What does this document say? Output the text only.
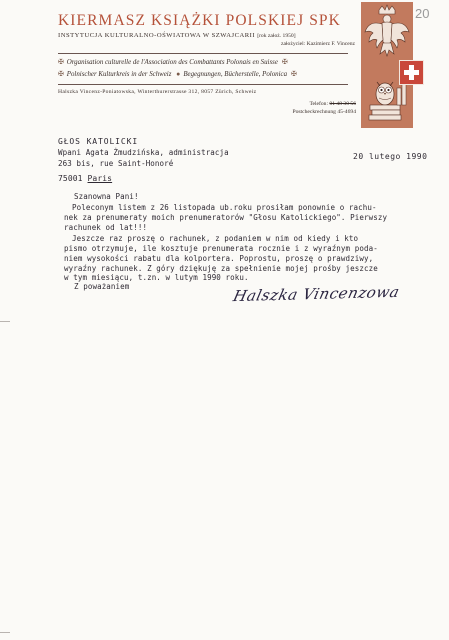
KIERMASZ KSIĄŻKI POLSKIEJ SPK
INSTYTUCJA KULTURALNO-OŚWIATOWA W SZWAJCARII [rok założ. 1950]
założyciel: Kazimierz F. Vincenz
✠ Organisation culturelle de l'Association des Combattants Polonais en Suisse ✠
✠ Polnischer Kulturkreis in der Schweiz ● Begegnungen, Bücherstelle, Polonica ✠
Halszka Vincenz-Poniatowska, Winterthurerstrasse 312, 8057 Zürich, Schweiz
Telefon: 01 48 30 56
Postcheckrechnung 45-4694
20
GŁOS KATOLICKI
Wpani Agata Żmudzińska, administracja
263 bis, rue Saint-Honoré
75001 Paris
20 lutego 1990
Szanowna Pani!
Poleconym listem z 26 listopada ub.roku prosiłam ponownie o rachu-
nek za prenumeraty moich prenumeratorów "Głosu Katolickiego". Pierwszy
rachunek od lat!!!
Jeszcze raz proszę o rachunek, z podaniem w nim od kiedy i kto
pismo otrzymuje, ile kosztuje prenumerata rocznie i z wyraźnym poda-
niem wysokości rabatu dla kolportera. Poprostu, proszę o prawdziwy,
wyraźny rachunek. Z góry dziękuję za spełnienie mojej prośby jeszcze
w tym miesiącu, t.zn. w lutym 1990 roku.
Z poważaniem	Halszka Vincenzowa
